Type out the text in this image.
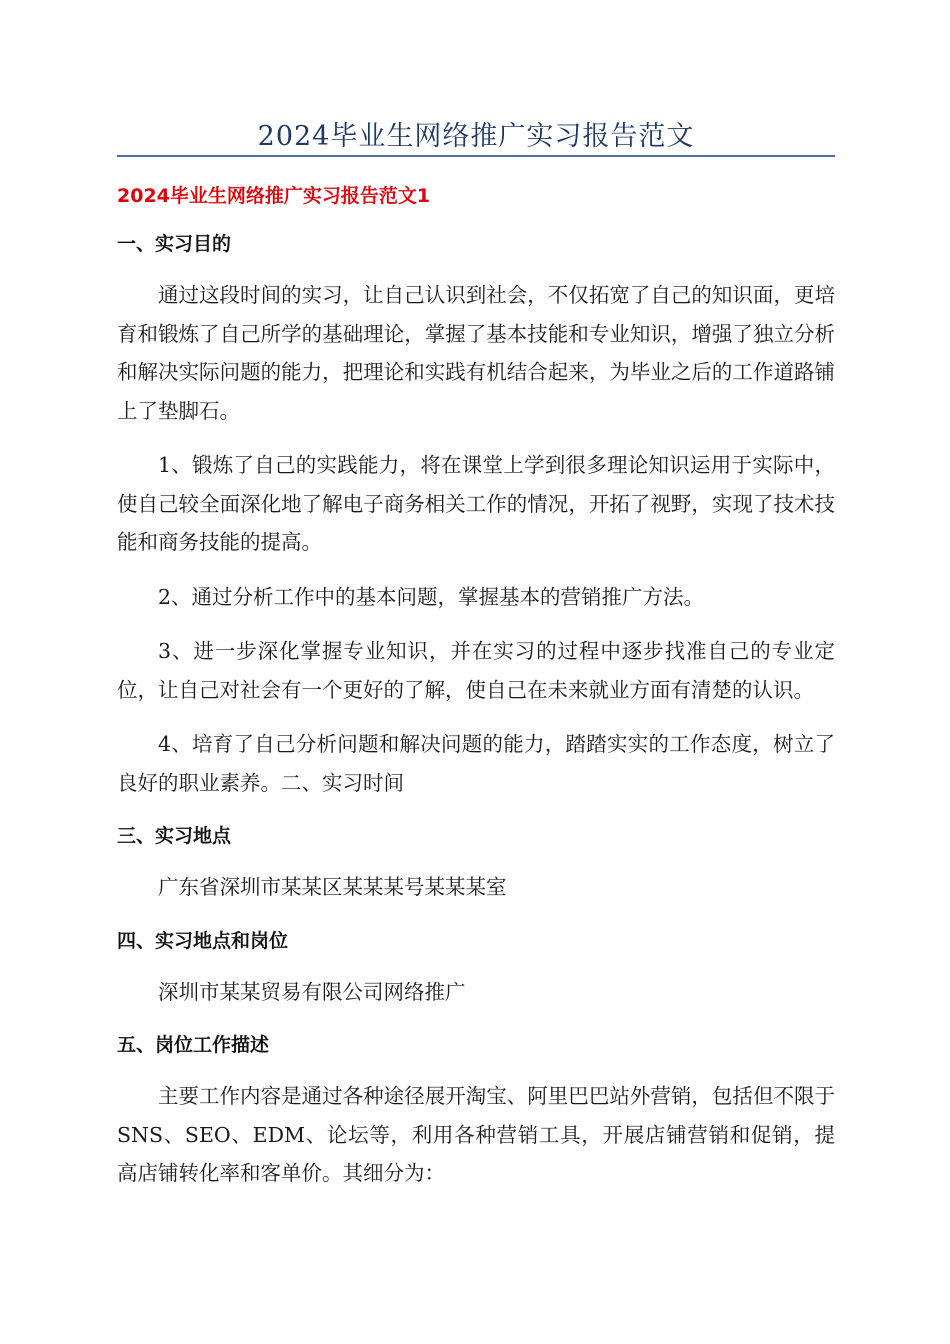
2024毕业生网络推广实习报告范文
2024毕业生网络推广实习报告范文1
一、实习目的
通过这段时间的实习，让自己认识到社会，不仅拓宽了自己的知识面，更培育和锻炼了自己所学的基础理论，掌握了基本技能和专业知识，增强了独立分析和解决实际问题的能力，把理论和实践有机结合起来，为毕业之后的工作道路铺上了垫脚石。
1、锻炼了自己的实践能力，将在课堂上学到很多理论知识运用于实际中，使自己较全面深化地了解电子商务相关工作的情况，开拓了视野，实现了技术技能和商务技能的提高。
2、通过分析工作中的基本问题，掌握基本的营销推广方法。
3、进一步深化掌握专业知识，并在实习的过程中逐步找准自己的专业定位，让自己对社会有一个更好的了解，使自己在未来就业方面有清楚的认识。
4、培育了自己分析问题和解决问题的能力，踏踏实实的工作态度，树立了良好的职业素养。二、实习时间
三、实习地点
广东省深圳市某某区某某某号某某某室
四、实习地点和岗位
深圳市某某贸易有限公司网络推广
五、岗位工作描述
主要工作内容是通过各种途径展开淘宝、阿里巴巴站外营销，包括但不限于SNS、SEO、EDM、论坛等，利用各种营销工具，开展店铺营销和促销，提高店铺转化率和客单价。其细分为：
